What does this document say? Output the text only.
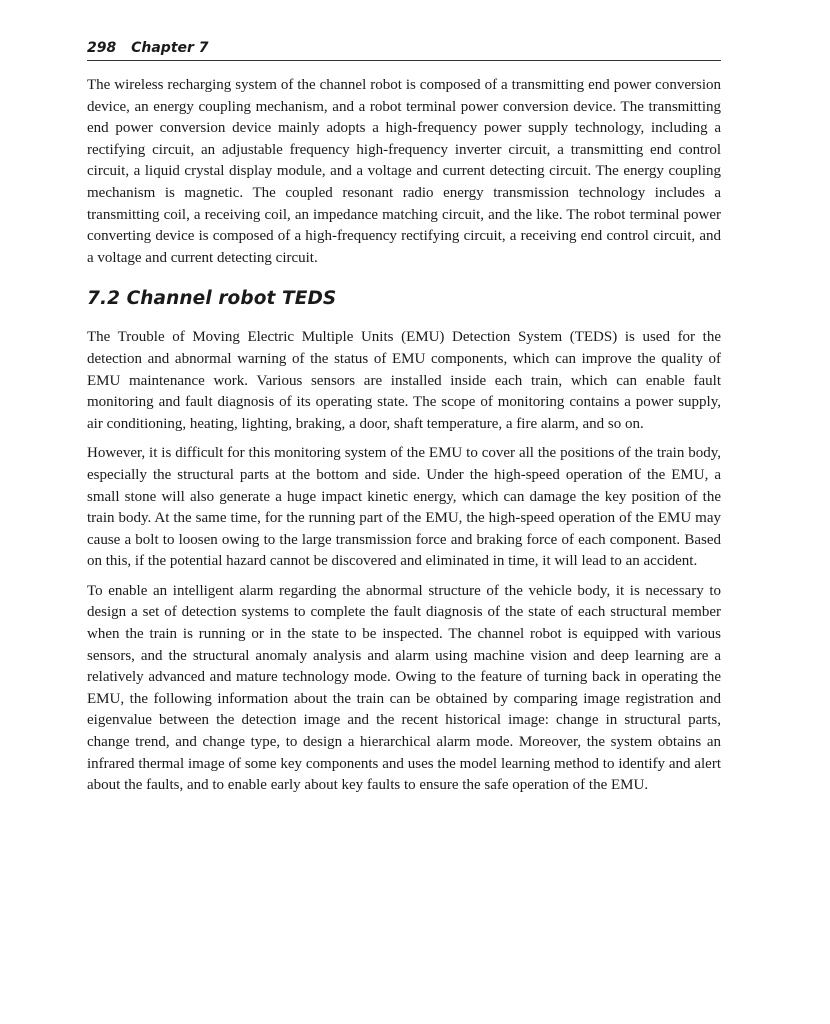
298 Chapter 7

The wireless recharging system of the channel robot is composed of a transmitting end power conversion device, an energy coupling mechanism, and a robot terminal power conversion device. The transmitting end power conversion device mainly adopts a high-frequency power supply technology, including a rectifying circuit, an adjustable frequency high-frequency inverter circuit, a transmitting end control circuit, a liquid crystal display module, and a voltage and current detecting circuit. The energy coupling mechanism is magnetic. The coupled resonant radio energy transmission technology includes a transmitting coil, a receiving coil, an impedance matching circuit, and the like. The robot terminal power converting device is composed of a high-frequency rectifying circuit, a receiving end control circuit, and a voltage and current detecting circuit.

7.2 Channel robot TEDS

The Trouble of Moving Electric Multiple Units (EMU) Detection System (TEDS) is used for the detection and abnormal warning of the status of EMU components, which can improve the quality of EMU maintenance work. Various sensors are installed inside each train, which can enable fault monitoring and fault diagnosis of its operating state. The scope of monitoring contains a power supply, air conditioning, heating, lighting, braking, a door, shaft temperature, a fire alarm, and so on.

However, it is difficult for this monitoring system of the EMU to cover all the positions of the train body, especially the structural parts at the bottom and side. Under the high-speed operation of the EMU, a small stone will also generate a huge impact kinetic energy, which can damage the key position of the train body. At the same time, for the running part of the EMU, the high-speed operation of the EMU may cause a bolt to loosen owing to the large transmission force and braking force of each component. Based on this, if the potential hazard cannot be discovered and eliminated in time, it will lead to an accident.

To enable an intelligent alarm regarding the abnormal structure of the vehicle body, it is necessary to design a set of detection systems to complete the fault diagnosis of the state of each structural member when the train is running or in the state to be inspected. The channel robot is equipped with various sensors, and the structural anomaly analysis and alarm using machine vision and deep learning are a relatively advanced and mature technology mode. Owing to the feature of turning back in operating the EMU, the following information about the train can be obtained by comparing image registration and eigenvalue between the detection image and the recent historical image: change in structural parts, change trend, and change type, to design a hierarchical alarm mode. Moreover, the system obtains an infrared thermal image of some key components and uses the model learning method to identify and alert about the faults, and to enable early about key faults to ensure the safe operation of the EMU.
